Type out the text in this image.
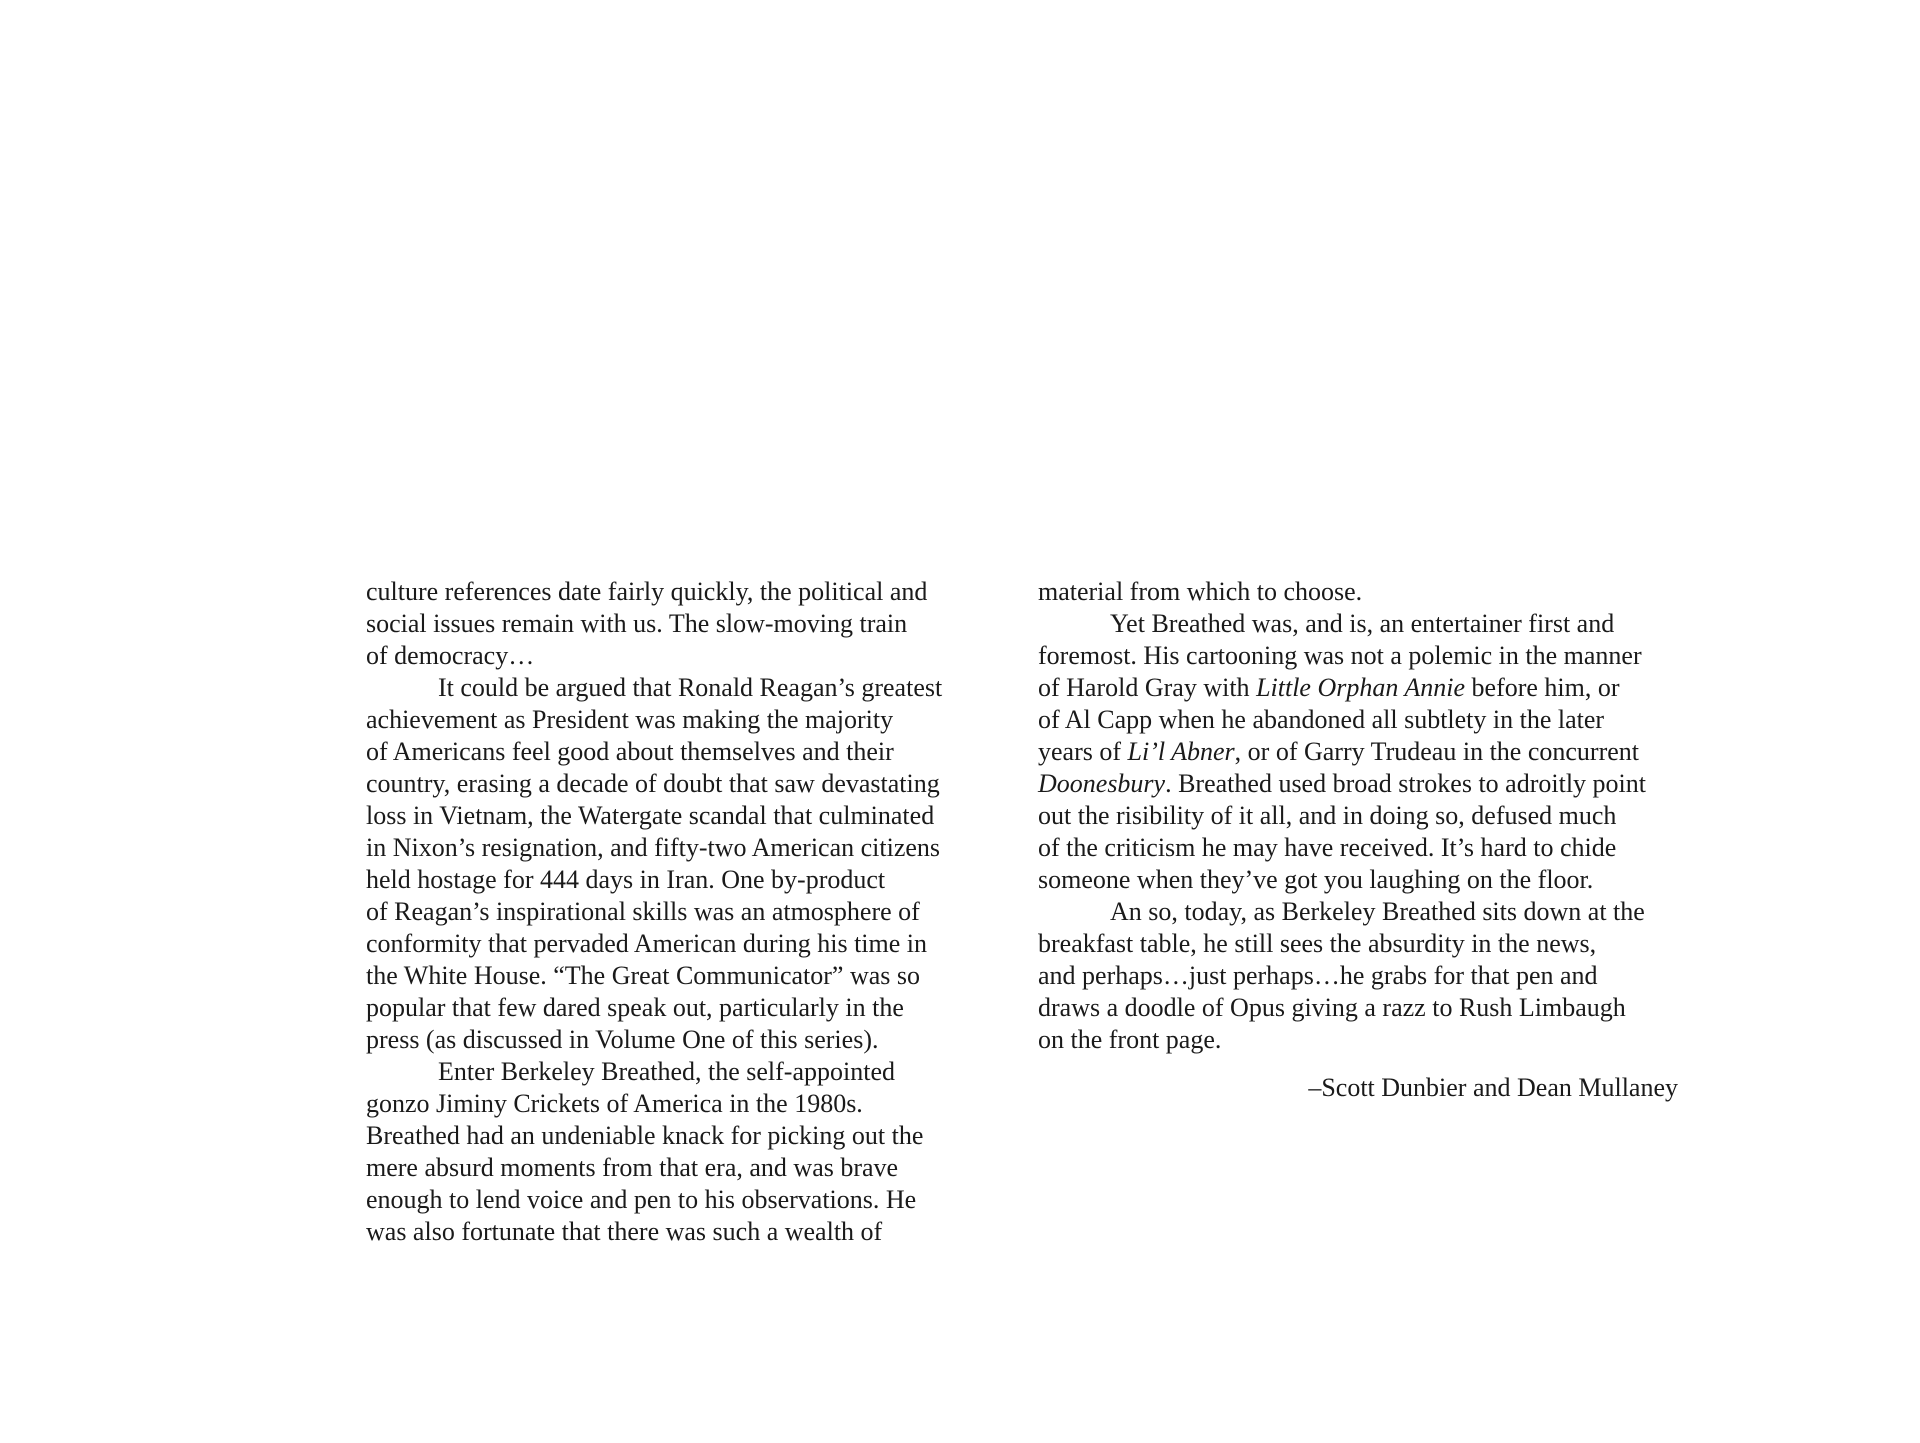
culture references date fairly quickly, the political and
social issues remain with us. The slow-moving train
of democracy…
It could be argued that Ronald Reagan’s greatest
achievement as President was making the majority
of Americans feel good about themselves and their
country, erasing a decade of doubt that saw devastating
loss in Vietnam, the Watergate scandal that culminated
in Nixon’s resignation, and fifty-two American citizens
held hostage for 444 days in Iran. One by-product
of Reagan’s inspirational skills was an atmosphere of
conformity that pervaded American during his time in
the White House. “The Great Communicator” was so
popular that few dared speak out, particularly in the
press (as discussed in Volume One of this series).
Enter Berkeley Breathed, the self-appointed
gonzo Jiminy Crickets of America in the 1980s.
Breathed had an undeniable knack for picking out the
mere absurd moments from that era, and was brave
enough to lend voice and pen to his observations. He
was also fortunate that there was such a wealth of
material from which to choose.
Yet Breathed was, and is, an entertainer first and
foremost. His cartooning was not a polemic in the manner
of Harold Gray with Little Orphan Annie before him, or
of Al Capp when he abandoned all subtlety in the later
years of Li’l Abner, or of Garry Trudeau in the concurrent
Doonesbury. Breathed used broad strokes to adroitly point
out the risibility of it all, and in doing so, defused much
of the criticism he may have received. It’s hard to chide
someone when they’ve got you laughing on the floor.
An so, today, as Berkeley Breathed sits down at the
breakfast table, he still sees the absurdity in the news,
and perhaps…just perhaps…he grabs for that pen and
draws a doodle of Opus giving a razz to Rush Limbaugh
on the front page.
–Scott Dunbier and Dean Mullaney
